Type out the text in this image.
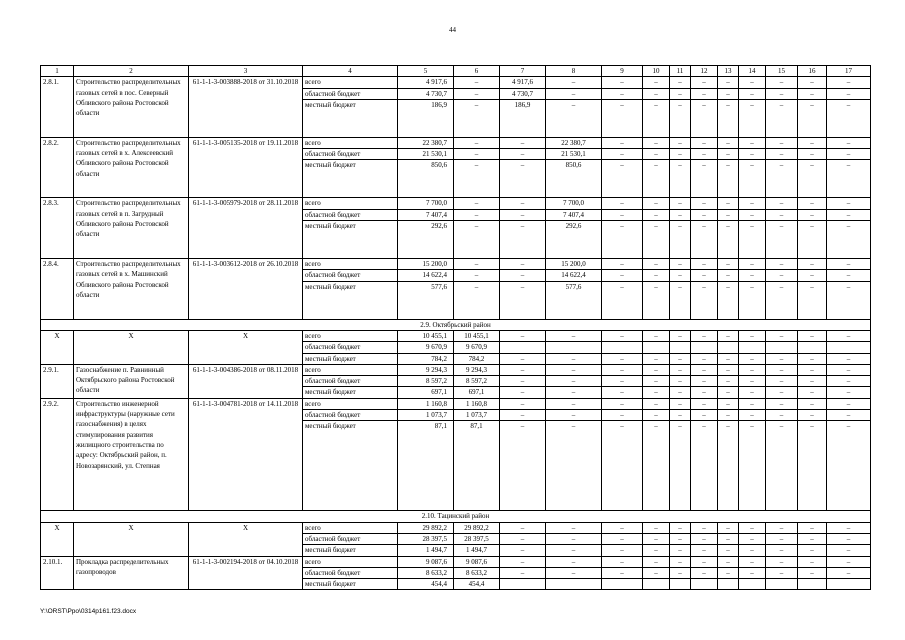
44
1	2	3	4	5	6	7	8	9	10	11	12	13	14	15	16	17
2.8.1.	Строительство распределительных газовых сетей в пос. Северный Обливского района Ростовской области	61-1-1-3-003888-2018 от 31.10.2018	всего	4 917,6	–	4 917,6	–	–	–	–	–	–	–	–	–	–
			областной бюджет	4 730,7	–	4 730,7	–	–	–	–	–	–	–	–	–	–
			местный бюджет	186,9	–	186,9	–	–	–	–	–	–	–	–	–	–
2.8.2.	Строительство распределительных газовых сетей в х. Алексеевский Обливского района Ростовской области	61-1-1-3-005135-2018 от 19.11.2018	всего	22 380,7	–	–	22 380,7	–	–	–	–	–	–	–	–	–
			областной бюджет	21 530,1	–	–	21 530,1	–	–	–	–	–	–	–	–	–
			местный бюджет	850,6	–	–	850,6	–	–	–	–	–	–	–	–	–
2.8.3.	Строительство распределительных газовых сетей в п. Загрудный Обливского района Ростовской области	61-1-1-3-005979-2018 от 28.11.2018	всего	7 700,0	–	–	7 700,0	–	–	–	–	–	–	–	–	–
			областной бюджет	7 407,4	–	–	7 407,4	–	–	–	–	–	–	–	–	–
			местный бюджет	292,6	–	–	292,6	–	–	–	–	–	–	–	–	–
2.8.4.	Строительство распределительных газовых сетей в х. Машинский Обливского района Ростовской области	61-1-1-3-003612-2018 от 26.10.2018	всего	15 200,0	–	–	15 200,0	–	–	–	–	–	–	–	–	–
			областной бюджет	14 622,4	–	–	14 622,4	–	–	–	–	–	–	–	–	–
			местный бюджет	577,6	–	–	577,6	–	–	–	–	–	–	–	–	–
2.9. Октябрьский район																
X	X	X	всего	10 455,1	10 455,1	–	–	–	–	–	–	–	–	–	–	–
			областной бюджет	9 670,9	9 670,9											
			местный бюджет	784,2	784,2	–	–	–	–	–	–	–	–	–	–	–
2.9.1.	Газоснабжение п. Равнинный Октябрьского района Ростовской области	61-1-1-3-004386-2018 от 08.11.2018	всего	9 294,3	9 294,3	–	–	–	–	–	–	–	–	–	–	–
			областной бюджет	8 597,2	8 597,2	–	–	–	–	–	–	–	–	–	–	–
			местный бюджет	697,1	697,1	–	–	–	–	–	–	–	–	–	–	–
2.9.2.	Строительство инженерной инфраструктуры (наружные сети газоснабжения) в целях стимулирования развития жилищного строительства по адресу: Октябрьский район, п. Новозарянский, ул. Степная	61-1-1-3-004781-2018 от 14.11.2018	всего	1 160,8	1 160,8	–	–	–	–	–	–	–	–	–	–	–
			областной бюджет	1 073,7	1 073,7	–	–	–	–	–	–	–	–	–	–	–
			местный бюджет	87,1	87,1	–	–	–	–	–	–	–	–	–	–	–
2.10. Тацинский район																
X	X	X	всего	29 892,2	29 892,2	–	–	–	–	–	–	–	–	–	–	–
			областной бюджет	28 397,5	28 397,5	–	–	–	–	–	–	–	–	–	–	–
			местный бюджет	1 494,7	1 494,7	–	–	–	–	–	–	–	–	–	–	–
2.10.1.	Прокладка распределительных газопроводов	61-1-1-3-002194-2018 от 04.10.2018	всего	9 087,6	9 087,6	–	–	–	–	–	–	–	–	–	–	–
			областной бюджет	8 633,2	8 633,2	–	–	–	–	–	–	–	–	–	–	–
			местный бюджет	454,4	454,4											
Y:\ORST\Ppo\0314p161.f23.docx
